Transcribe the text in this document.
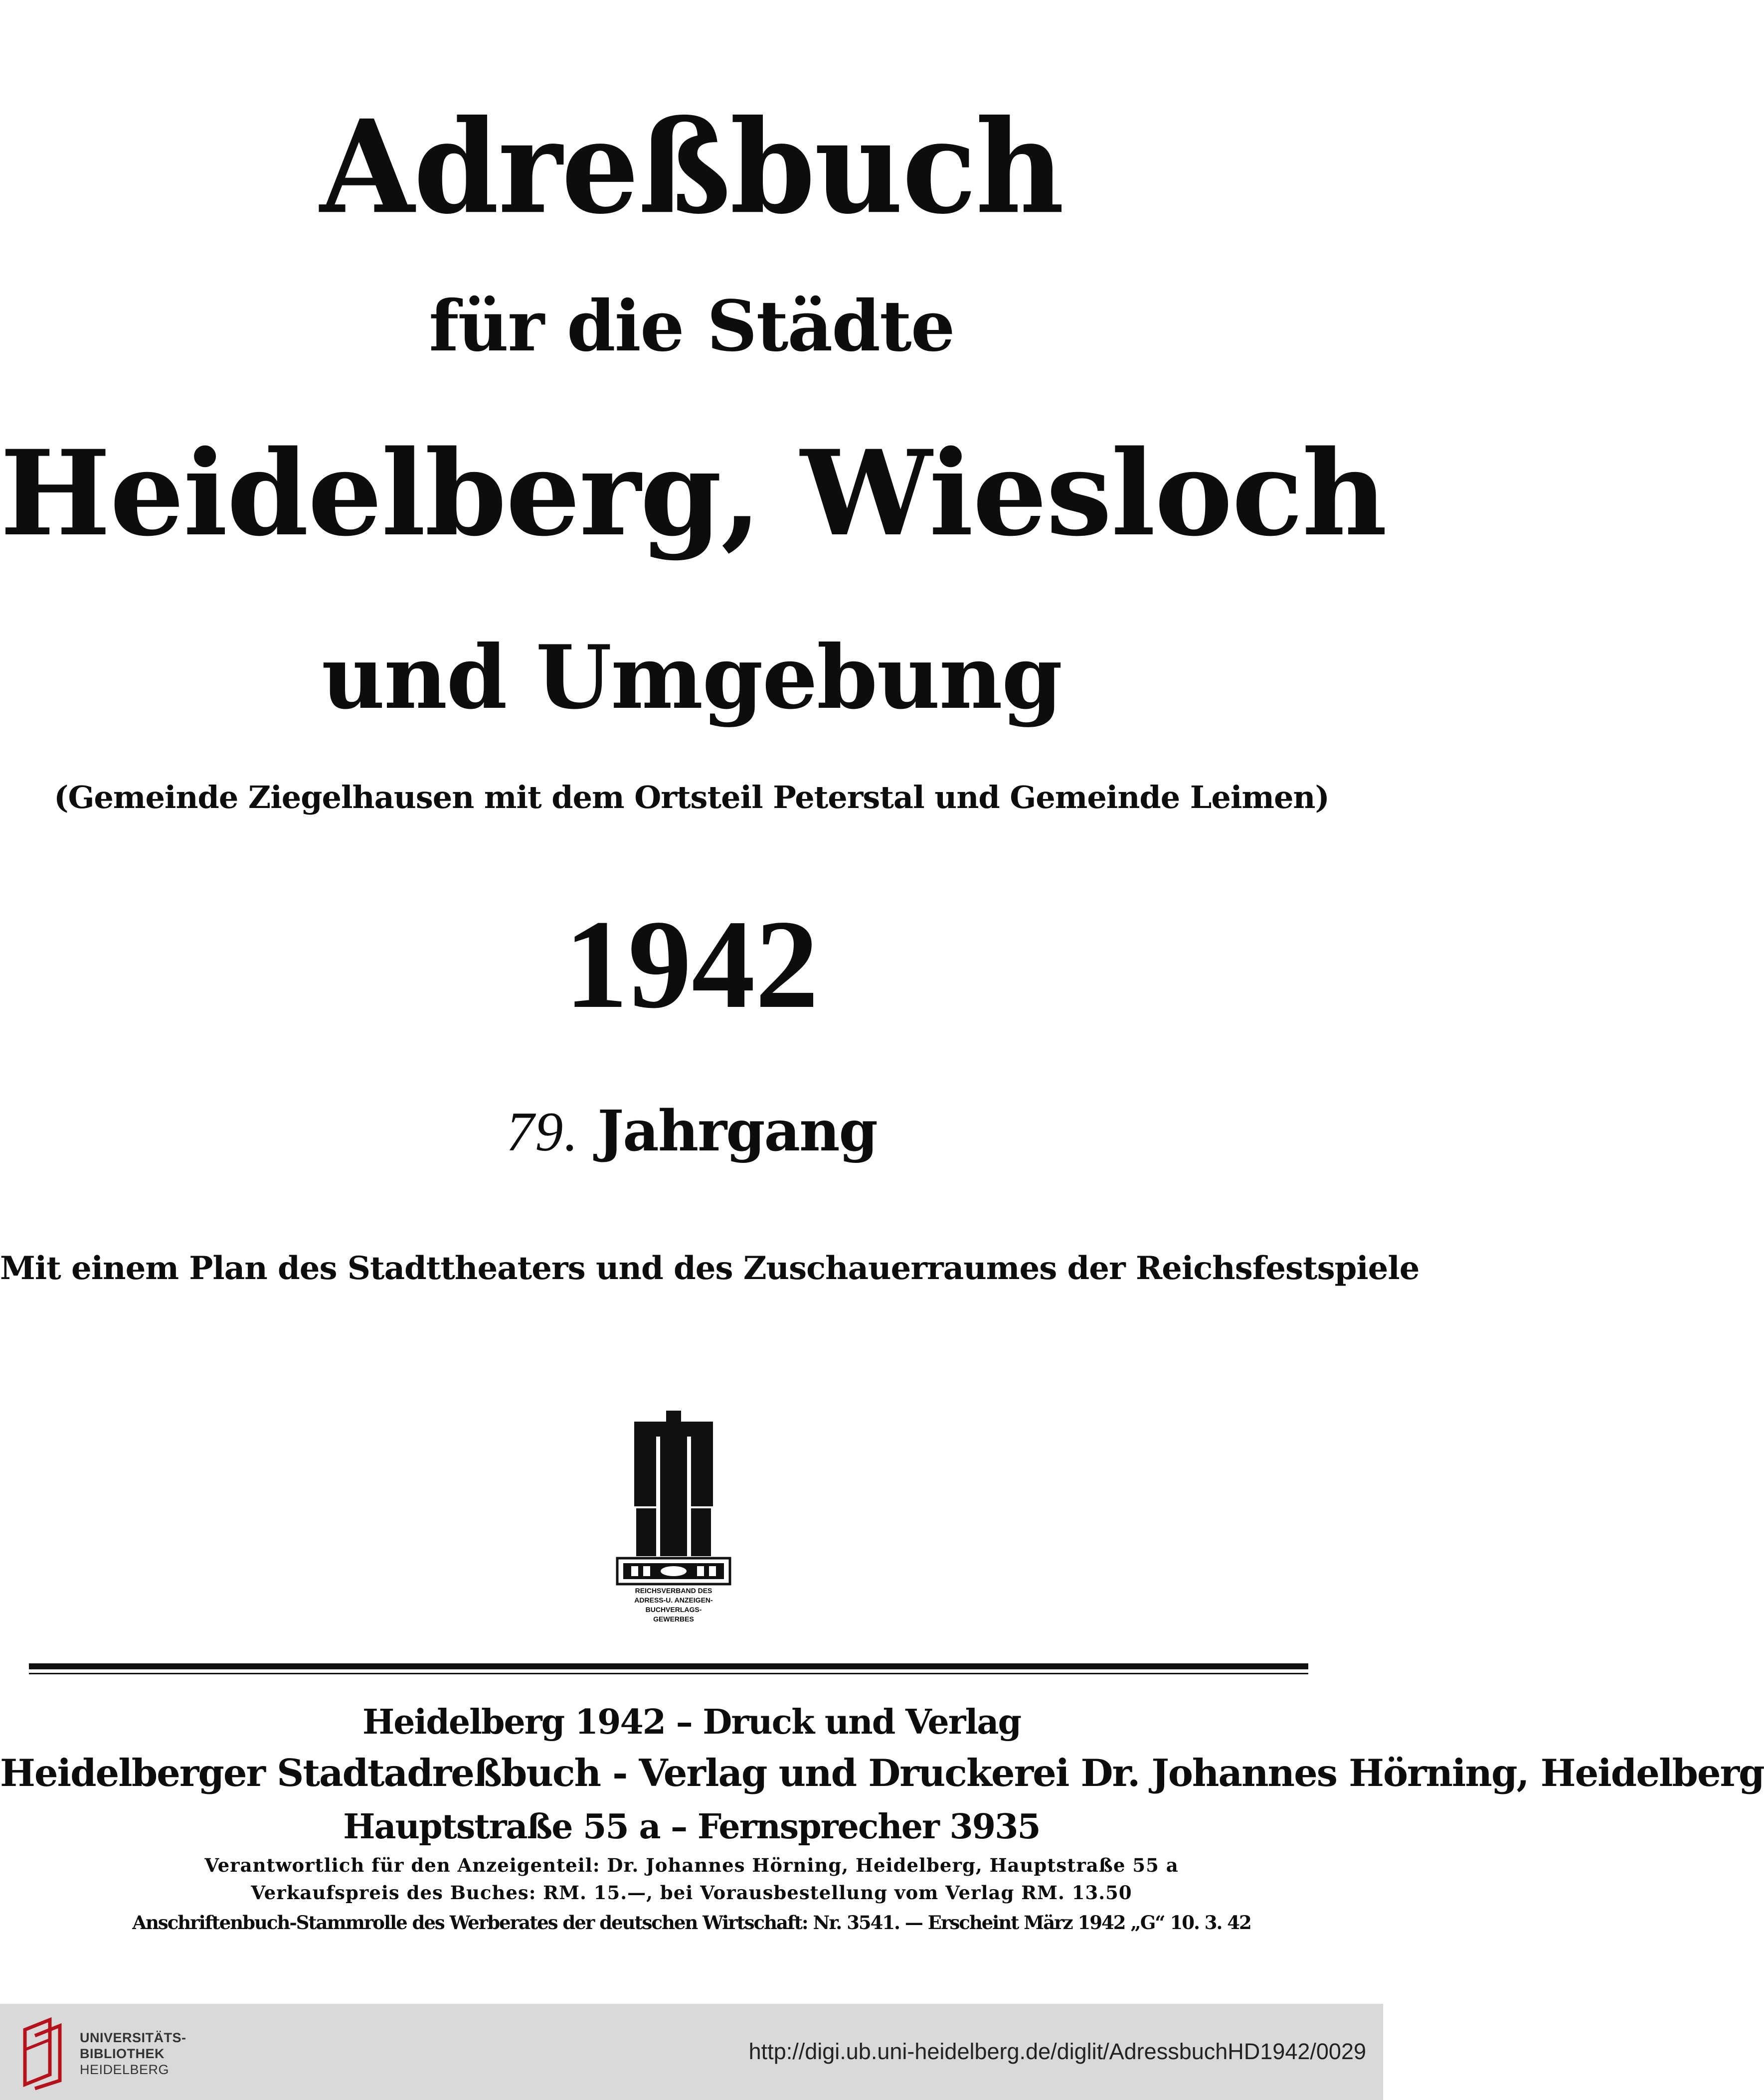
Adreßbuch
für die Städte
Heidelberg, Wiesloch
und Umgebung
(Gemeinde Ziegelhausen mit dem Ortsteil Peterstal und Gemeinde Leimen)
1942
79. Jahrgang
Mit einem Plan des Stadttheaters und des Zuschauerraumes der Reichsfestspiele
REICHSVERBAND DES
ADRESS-U. ANZEIGEN-
BUCHVERLAGS-
GEWERBES
Heidelberg 1942 – Druck und Verlag
Heidelberger Stadtadreßbuch - Verlag und Druckerei Dr. Johannes Hörning, Heidelberg
Hauptstraße 55 a – Fernsprecher 3935
Verantwortlich für den Anzeigenteil: Dr. Johannes Hörning, Heidelberg, Hauptstraße 55 a
Verkaufspreis des Buches: RM. 15.—, bei Vorausbestellung vom Verlag RM. 13.50
Anschriftenbuch-Stammrolle des Werberates der deutschen Wirtschaft: Nr. 3541. — Erscheint März 1942 „G“ 10. 3. 42
UNIVERSITÄTS-
BIBLIOTHEK
HEIDELBERG
http://digi.ub.uni-heidelberg.de/diglit/AdressbuchHD1942/0029
